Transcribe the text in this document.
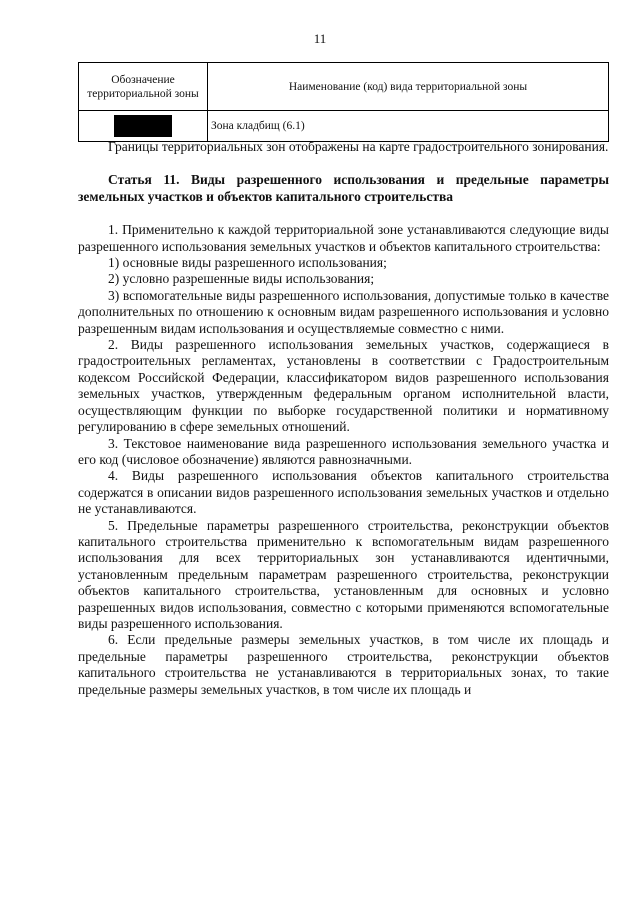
11
Обозначение территориальной зоны	Наименование (код) вида территориальной зоны

	Зона кладбищ (6.1)

Границы территориальных зон отображены на карте градостроительного зонирования.

Статья 11. Виды разрешенного использования и предельные параметры земельных участков и объектов капитального строительства

1. Применительно к каждой территориальной зоне устанавливаются следующие виды разрешенного использования земельных участков и объектов капитального строительства:

1) основные виды разрешенного использования;

2) условно разрешенные виды использования;

3) вспомогательные виды разрешенного использования, допустимые только в качестве дополнительных по отношению к основным видам разрешенного использования и условно разрешенным видам использования и осуществляемые совместно с ними.

2. Виды разрешенного использования земельных участков, содержащиеся в градостроительных регламентах, установлены в соответствии с Градостроительным кодексом Российской Федерации, классификатором видов разрешенного использования земельных участков, утвержденным федеральным органом исполнительной власти, осуществляющим функции по выборке государственной политики и нормативному регулированию в сфере земельных отношений.

3. Текстовое наименование вида разрешенного использования земельного участка и его код (числовое обозначение) являются равнозначными.

4. Виды разрешенного использования объектов капитального строительства содержатся в описании видов разрешенного использования земельных участков и отдельно не устанавливаются.

5. Предельные параметры разрешенного строительства, реконструкции объектов капитального строительства применительно к вспомогательным видам разрешенного использования для всех территориальных зон устанавливаются идентичными, установленным предельным параметрам разрешенного строительства, реконструкции объектов капитального строительства, установленным для основных и условно разрешенных видов использования, совместно с которыми применяются вспомогательные виды разрешенного использования.

6. Если предельные размеры земельных участков, в том числе их площадь и предельные параметры разрешенного строительства, реконструкции объектов капитального строительства не устанавливаются в территориальных зонах, то такие предельные размеры земельных участков, в том числе их площадь и
